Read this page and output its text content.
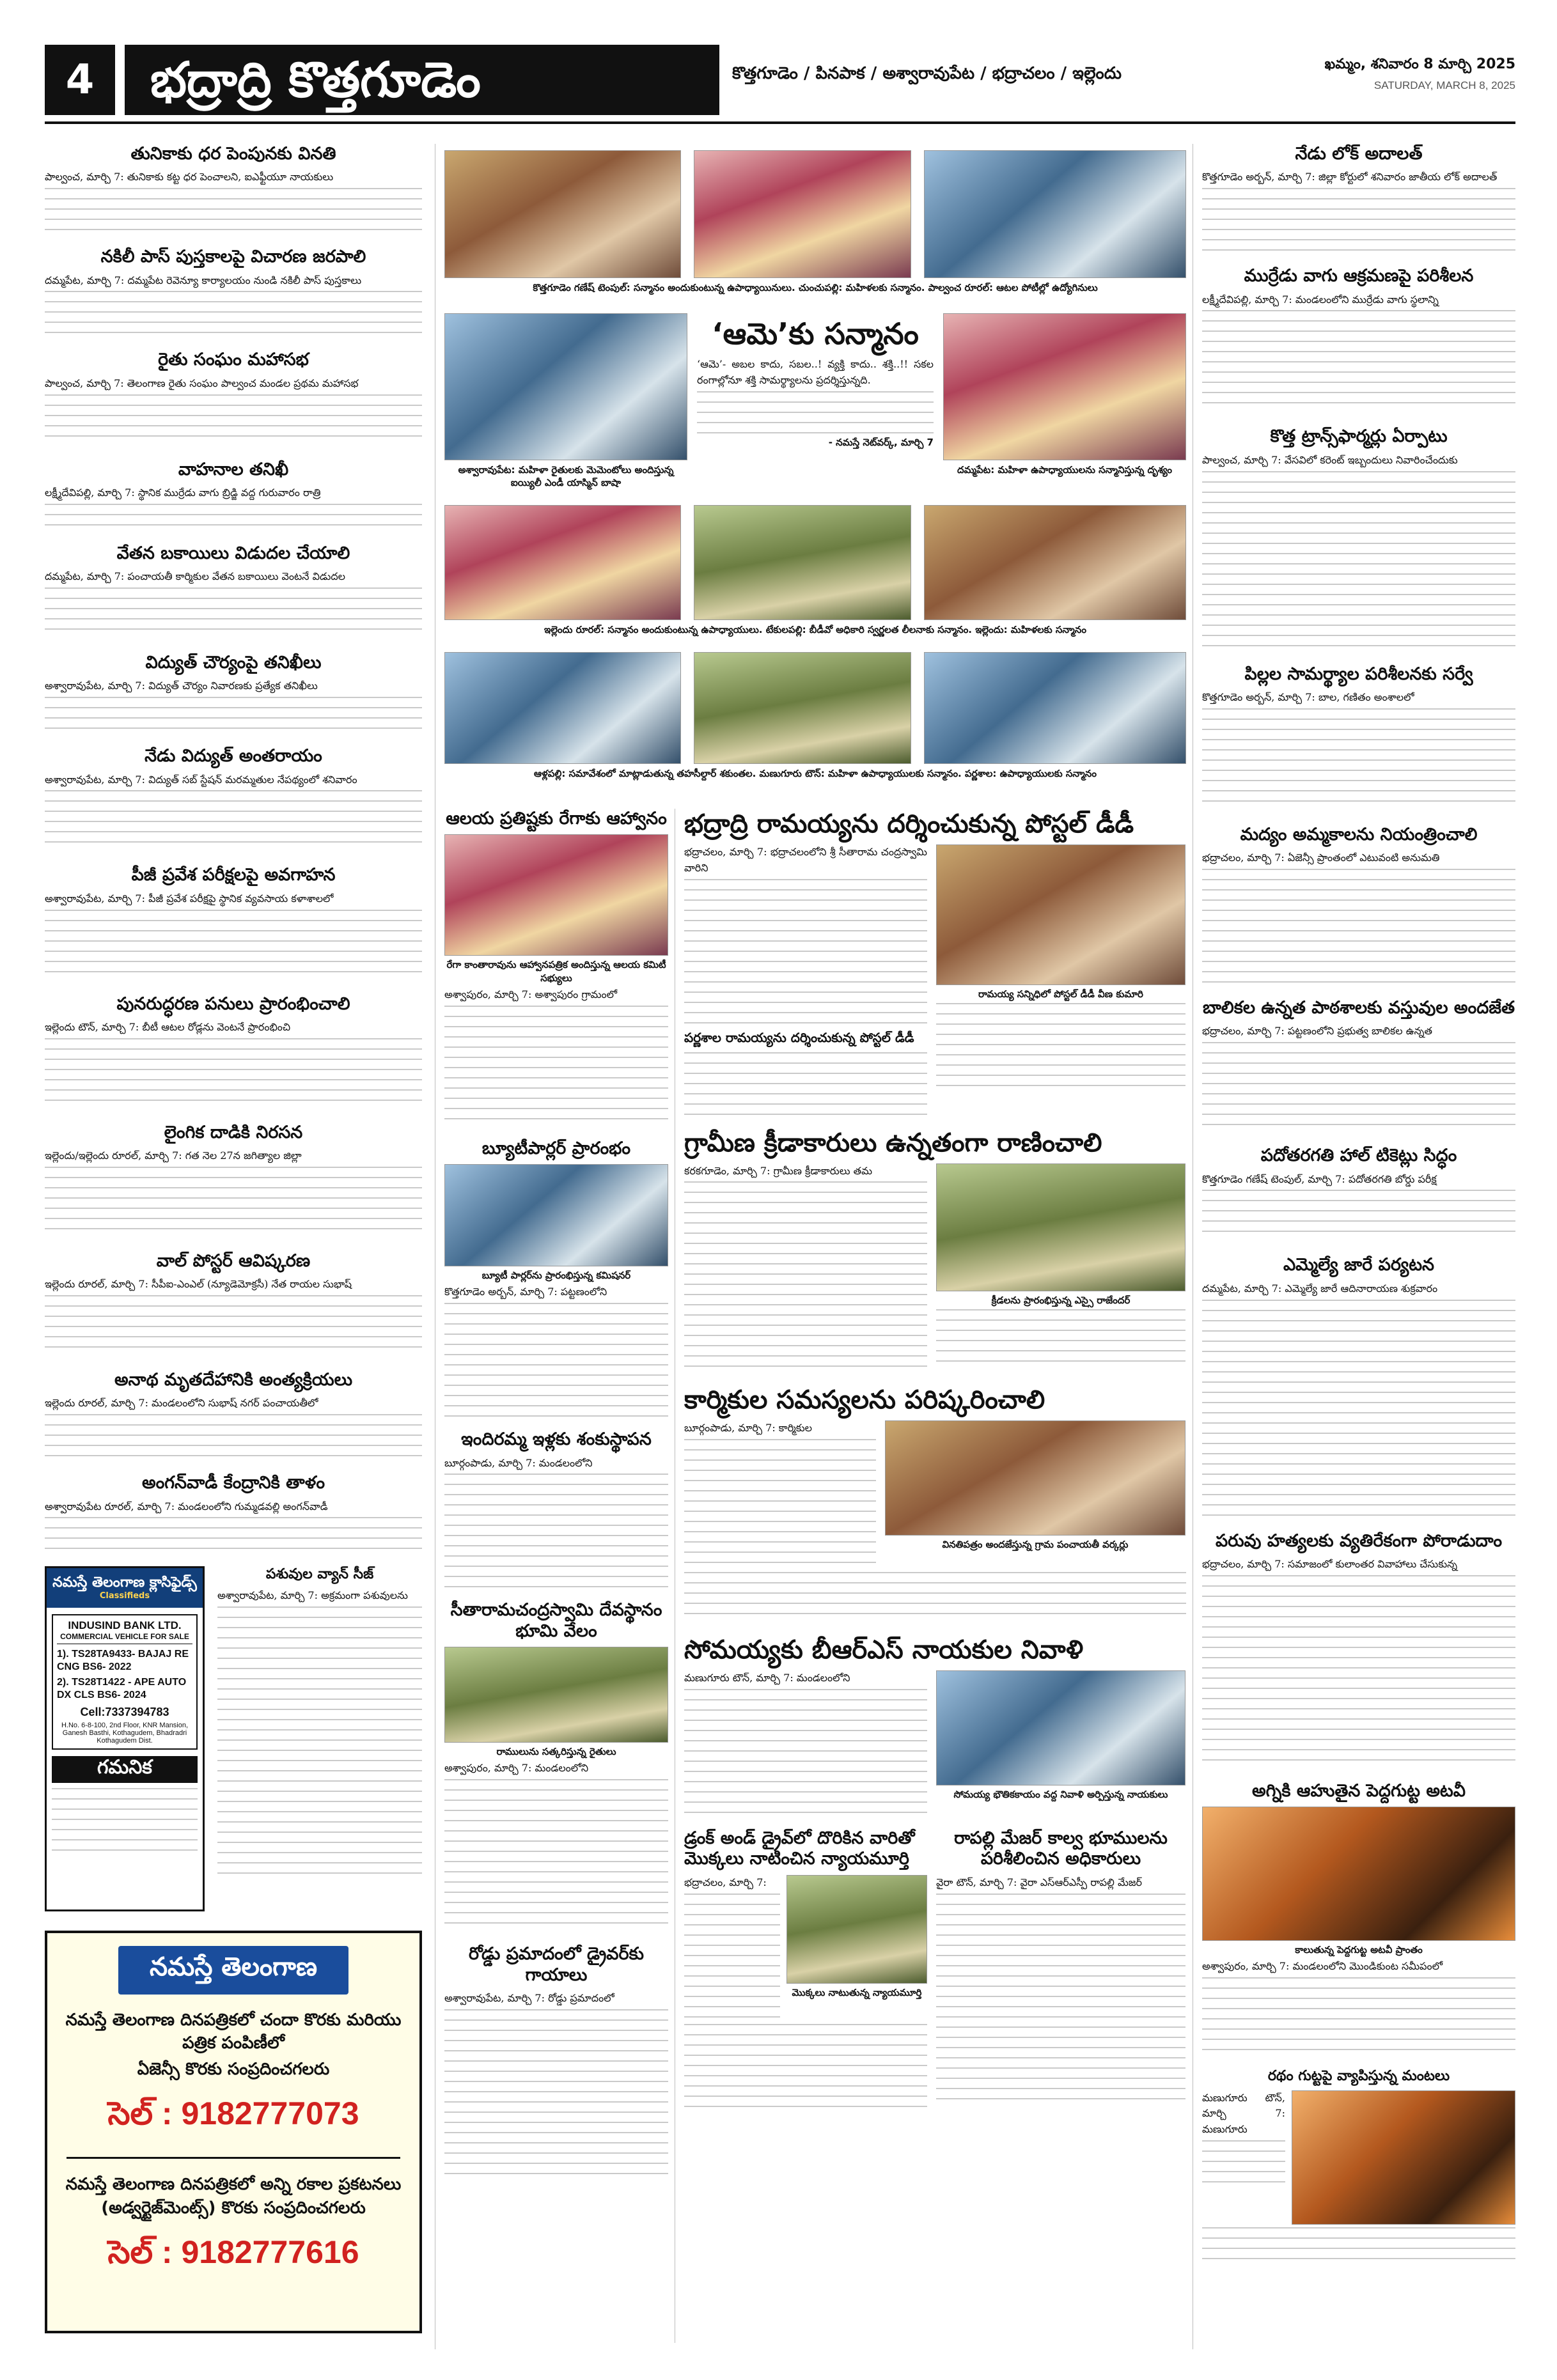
4	భద్రాద్రి కొత్తగూడెం	కొత్తగూడెం / పినపాక / అశ్వారావుపేట / భద్రాచలం / ఇల్లెందు	ఖమ్మం, శనివారం 8 మార్చి 2025
SATURDAY, MARCH 8, 2025
తునికాకు ధర పెంపునకు వినతి
పాల్వంచ, మార్చి 7: తునికాకు కట్ట ధర పెంచాలని, ఐఎఫ్టీయూ నాయకులు
నకిలీ పాస్ పుస్తకాలపై విచారణ జరపాలి
దమ్మపేట, మార్చి 7: దమ్మపేట రెవెన్యూ కార్యాలయం నుండి నకిలీ పాస్ పుస్తకాలు
రైతు సంఘం మహాసభ
పాల్వంచ, మార్చి 7: తెలంగాణ రైతు సంఘం పాల్వంచ మండల ప్రథమ మహాసభ
వాహనాల తనిఖీ
లక్ష్మీదేవిపల్లి, మార్చి 7: స్థానిక ముర్రేడు వాగు బ్రిడ్జి వద్ద గురువారం రాత్రి
వేతన బకాయిలు విడుదల చేయాలి
దమ్మపేట, మార్చి 7: పంచాయతీ కార్మికుల వేతన బకాయిలు వెంటనే విడుదల
విద్యుత్ చౌర్యంపై తనిఖీలు
అశ్వారావుపేట, మార్చి 7: విద్యుత్ చౌర్యం నివారణకు ప్రత్యేక తనిఖీలు
నేడు విద్యుత్ అంతరాయం
అశ్వారావుపేట, మార్చి 7: విద్యుత్ సబ్ స్టేషన్ మరమ్మతుల నేపథ్యంలో శనివారం
పీజీ ప్రవేశ పరీక్షలపై అవగాహన
అశ్వారావుపేట, మార్చి 7: పీజీ ప్రవేశ పరీక్షపై స్థానిక వ్యవసాయ కళాశాలలో
పునరుద్ధరణ పనులు ప్రారంభించాలి
ఇల్లెందు టౌన్, మార్చి 7: బీటీ ఆటల రోడ్లను వెంటనే ప్రారంభించి
లైంగిక దాడికి నిరసన
ఇల్లెందు/ఇల్లెందు రూరల్, మార్చి 7: గత నెల 27న జగిత్యాల జిల్లా
వాల్ పోస్టర్ ఆవిష్కరణ
ఇల్లెందు రూరల్, మార్చి 7: సీపీఐ-ఎంఎల్ (న్యూడెమోక్రసీ) నేత రాయల సుభాష్
అనాథ మృతదేహానికి అంత్యక్రియలు
ఇల్లెందు రూరల్, మార్చి 7: మండలంలోని సుభాష్ నగర్ పంచాయతీలో
అంగన్‌వాడీ కేంద్రానికి తాళం
అశ్వారావుపేట రూరల్, మార్చి 7: మండలంలోని గుమ్మడవల్లి అంగన్‌వాడీ
పశువుల వ్యాన్ సీజ్
అశ్వారావుపేట, మార్చి 7: అక్రమంగా పశువులను
నమస్తే తెలంగాణ క్లాసిఫైడ్స్
Classifieds
INDUSIND BANK LTD.
COMMERCIAL VEHICLE FOR SALE
1). TS28TA9433- BAJAJ RE CNG BS6- 2022
2). TS28T1422 - APE AUTO DX CLS BS6- 2024
Cell:7337394783
H.No. 6-8-100, 2nd Floor, KNR Mansion, Ganesh Basthi, Kothagudem, Bhadradri Kothagudem Dist.
గమనిక
నమస్తే తెలంగాణ
నమస్తే తెలంగాణ దినపత్రికలో చందా కొరకు మరియు పత్రిక పంపిణీలో
ఏజెన్సీ కొరకు సంప్రదించగలరు
సెల్ : 9182777073
నమస్తే తెలంగాణ దినపత్రికలో అన్ని రకాల ప్రకటనలు (అడ్వర్టైజ్‌మెంట్స్) కొరకు సంప్రదించగలరు
సెల్ : 9182777616
కొత్తగూడెం గణేష్ టెంపుల్: సన్మానం అందుకుంటున్న ఉపాధ్యాయినులు. చుంచుపల్లి: మహిళలకు సన్మానం. పాల్వంచ రూరల్: ఆటల పోటీల్లో ఉద్యోగినులు
అశ్వారావుపేట: మహిళా రైతులకు మెమెంటోలు అందిస్తున్న ఐయ్యిలీ ఎండీ యాస్మిన్ బాషా
‘ఆమె’కు సన్మానం
‘ఆమె’- అబల కాదు, సబల..! వ్యక్తి కాదు.. శక్తి..!! సకల రంగాల్లోనూ శక్తి సామర్థ్యాలను ప్రదర్శిస్తున్నది.
- నమస్తే నెట్‌వర్క్, మార్చి 7
దమ్మపేట: మహిళా ఉపాధ్యాయులను సన్మానిస్తున్న దృశ్యం
ఇల్లెందు రూరల్: సన్మానం అందుకుంటున్న ఉపాధ్యాయులు. టేకులపల్లి: బీడీవో అధికారి స్వర్ణలత లీలనాకు సన్మానం. ఇల్లెందు: మహిళలకు సన్మానం
ఆళ్లపల్లి: సమావేశంలో మాట్లాడుతున్న తహసీల్దార్ శకుంతల. మణుగూరు టౌన్: మహిళా ఉపాధ్యాయులకు సన్మానం. పర్ణశాల: ఉపాధ్యాయులకు సన్మానం
ఆలయ ప్రతిష్టకు రేగాకు ఆహ్వానం
రేగా కాంతారావును ఆహ్వానపత్రిక అందిస్తున్న ఆలయ కమిటీ సభ్యులు
అశ్వాపురం, మార్చి 7: అశ్వాపురం గ్రామంలో
బ్యూటీపార్లర్ ప్రారంభం
బ్యూటీ పార్లర్‌ను ప్రారంభిస్తున్న కమిషనర్
కొత్తగూడెం అర్బన్, మార్చి 7: పట్టణంలోని
ఇందిరమ్మ ఇళ్లకు శంకుస్థాపన
బూర్గంపాడు, మార్చి 7: మండలంలోని
సీతారామచంద్రస్వామి దేవస్థానం భూమి వేలం
రాములును సత్కరిస్తున్న రైతులు
అశ్వాపురం, మార్చి 7: మండలంలోని
రోడ్డు ప్రమాదంలో డ్రైవర్‌కు గాయాలు
అశ్వారావుపేట, మార్చి 7: రోడ్డు ప్రమాదంలో
భద్రాద్రి రామయ్యను దర్శించుకున్న పోస్టల్ డీడీ
భద్రాచలం, మార్చి 7: భద్రాచలంలోని శ్రీ సీతారామ చంద్రస్వామి వారిని
పర్ణశాల రామయ్యను దర్శించుకున్న పోస్టల్ డీడీ
రామయ్య సన్నిధిలో పోస్టల్ డీడీ వీణ కుమారి
గ్రామీణ క్రీడాకారులు ఉన్నతంగా రాణించాలి
కరకగూడెం, మార్చి 7: గ్రామీణ క్రీడాకారులు తమ
క్రీడలను ప్రారంభిస్తున్న ఎస్సై రాజేందర్
కార్మికుల సమస్యలను పరిష్కరించాలి
బూర్గంపాడు, మార్చి 7: కార్మికుల
వినతిపత్రం అందజేస్తున్న గ్రామ పంచాయతీ వర్కర్లు
సోమయ్యకు బీఆర్ఎస్ నాయకుల నివాళి
మణుగూరు టౌన్, మార్చి 7: మండలంలోని
సోమయ్య భౌతికకాయం వద్ద నివాళి అర్పిస్తున్న నాయకులు
డ్రంక్ అండ్ డ్రైవ్‌లో దొరికిన వారితో మొక్కలు నాటించిన న్యాయమూర్తి
భద్రాచలం, మార్చి 7:
మొక్కలు నాటుతున్న న్యాయమూర్తి
రాపల్లి మేజర్ కాల్వ భూములను పరిశీలించిన అధికారులు
వైరా టౌన్, మార్చి 7: వైరా ఎస్ఆర్ఎస్పీ రాపల్లి మేజర్
నేడు లోక్ అదాలత్
కొత్తగూడెం అర్బన్, మార్చి 7: జిల్లా కోర్టులో శనివారం జాతీయ లోక్ అదాలత్
ముర్రేడు వాగు ఆక్రమణపై పరిశీలన
లక్ష్మీదేవిపల్లి, మార్చి 7: మండలంలోని ముర్రేడు వాగు స్థలాన్ని
కొత్త ట్రాన్స్‌ఫార్మర్లు ఏర్పాటు
పాల్వంచ, మార్చి 7: వేసవిలో కరెంట్ ఇబ్బందులు నివారించేందుకు
పిల్లల సామర్థ్యాల పరిశీలనకు సర్వే
కొత్తగూడెం అర్బన్, మార్చి 7: బాల, గణితం అంశాలలో
మద్యం అమ్మకాలను నియంత్రించాలి
భద్రాచలం, మార్చి 7: ఏజెన్సీ ప్రాంతంలో ఎటువంటి అనుమతి
బాలికల ఉన్నత పాఠశాలకు వస్తువుల అందజేత
భద్రాచలం, మార్చి 7: పట్టణంలోని ప్రభుత్వ బాలికల ఉన్నత
పదోతరగతి హాల్ టికెట్లు సిద్ధం
కొత్తగూడెం గణేష్ టెంపుల్, మార్చి 7: పదోతరగతి బోర్డు పరీక్ష
ఎమ్మెల్యే జారే పర్యటన
దమ్మపేట, మార్చి 7: ఎమ్మెల్యే జారే ఆదినారాయణ శుక్రవారం
పరువు హత్యలకు వ్యతిరేకంగా పోరాడుదాం
భద్రాచలం, మార్చి 7: సమాజంలో కులాంతర వివాహాలు చేసుకున్న
అగ్నికి ఆహుతైన పెద్దగుట్ట అటవీ
కాలుతున్న పెద్దగుట్ట అటవీ ప్రాంతం
అశ్వాపురం, మార్చి 7: మండలంలోని మొండికుంట సమీపంలో
రథం గుట్టపై వ్యాపిస్తున్న మంటలు
మణుగూరు టౌన్, మార్చి 7: మణుగూరు
